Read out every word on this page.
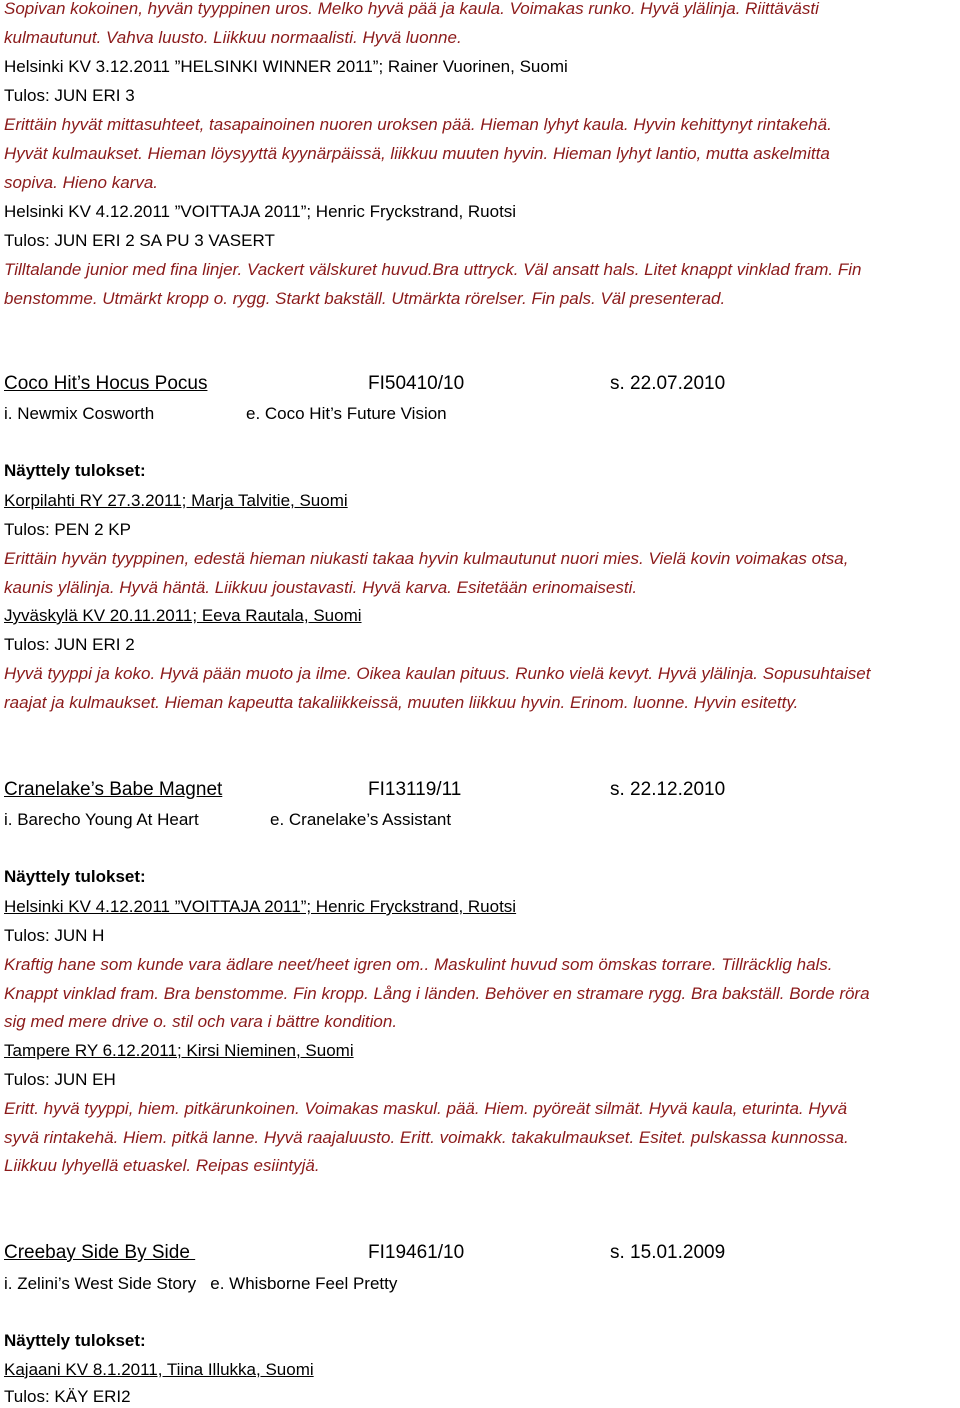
Sopivan kokoinen, hyvän tyyppinen uros. Melko hyvä pää ja kaula. Voimakas runko. Hyvä ylälinja. Riittävästi
kulmautunut. Vahva luusto. Liikkuu normaalisti. Hyvä luonne.
Helsinki KV 3.12.2011 ”HELSINKI WINNER 2011”; Rainer Vuorinen, Suomi
Tulos: JUN ERI 3
Erittäin hyvät mittasuhteet, tasapainoinen nuoren uroksen pää. Hieman lyhyt kaula. Hyvin kehittynyt rintakehä.
Hyvät kulmaukset. Hieman löysyyttä kyynärpäissä, liikkuu muuten hyvin. Hieman lyhyt lantio, mutta askelmitta
sopiva. Hieno karva.
Helsinki KV 4.12.2011 ”VOITTAJA 2011”; Henric Fryckstrand, Ruotsi
Tulos: JUN ERI 2 SA PU 3 VASERT
Tilltalande junior med fina linjer. Vackert välskuret huvud.Bra uttryck. Väl ansatt hals. Litet knappt vinklad fram. Fin
benstomme. Utmärkt kropp o. rygg. Starkt bakställ. Utmärkta rörelser. Fin pals. Väl presenterad.
Coco Hit’s Hocus Pocus	FI50410/10	s. 22.07.2010
i. Newmix Cosworth	e. Coco Hit’s Future Vision
Näyttely tulokset:
Korpilahti RY 27.3.2011; Marja Talvitie, Suomi
Tulos: PEN 2 KP
Erittäin hyvän tyyppinen, edestä hieman niukasti takaa hyvin kulmautunut nuori mies. Vielä kovin voimakas otsa,
kaunis ylälinja. Hyvä häntä. Liikkuu joustavasti. Hyvä karva. Esitetään erinomaisesti.
Jyväskylä KV 20.11.2011; Eeva Rautala, Suomi
Tulos: JUN ERI 2
Hyvä tyyppi ja koko. Hyvä pään muoto ja ilme. Oikea kaulan pituus. Runko vielä kevyt. Hyvä ylälinja. Sopusuhtaiset
raajat ja kulmaukset. Hieman kapeutta takaliikkeissä, muuten liikkuu hyvin. Erinom. luonne. Hyvin esitetty.
Cranelake’s Babe Magnet	FI13119/11	s. 22.12.2010
i. Barecho Young At Heart	e. Cranelake’s Assistant
Näyttely tulokset:
Helsinki KV 4.12.2011 ”VOITTAJA 2011”; Henric Fryckstrand, Ruotsi
Tulos: JUN H
Kraftig hane som kunde vara ädlare neet/heet igren om.. Maskulint huvud som ömskas torrare. Tillräcklig hals.
Knappt vinklad fram. Bra benstomme. Fin kropp. Lång i länden. Behöver en stramare rygg. Bra bakställ. Borde röra
sig med mere drive o. stil och vara i bättre kondition.
Tampere RY 6.12.2011; Kirsi Nieminen, Suomi
Tulos: JUN EH
Eritt. hyvä tyyppi, hiem. pitkärunkoinen. Voimakas maskul. pää. Hiem. pyöreät silmät. Hyvä kaula, eturinta. Hyvä
syvä rintakehä. Hiem. pitkä lanne. Hyvä raajaluusto. Eritt. voimakk. takakulmaukset. Esitet. pulskassa kunnossa.
Liikkuu lyhyellä etuaskel. Reipas esiintyjä.
Creebay Side By Side	FI19461/10	s. 15.01.2009
i. Zelini’s West Side Story   e. Whisborne Feel Pretty
Näyttely tulokset:
Kajaani KV 8.1.2011, Tiina Illukka, Suomi
Tulos: KÄY ERI2
